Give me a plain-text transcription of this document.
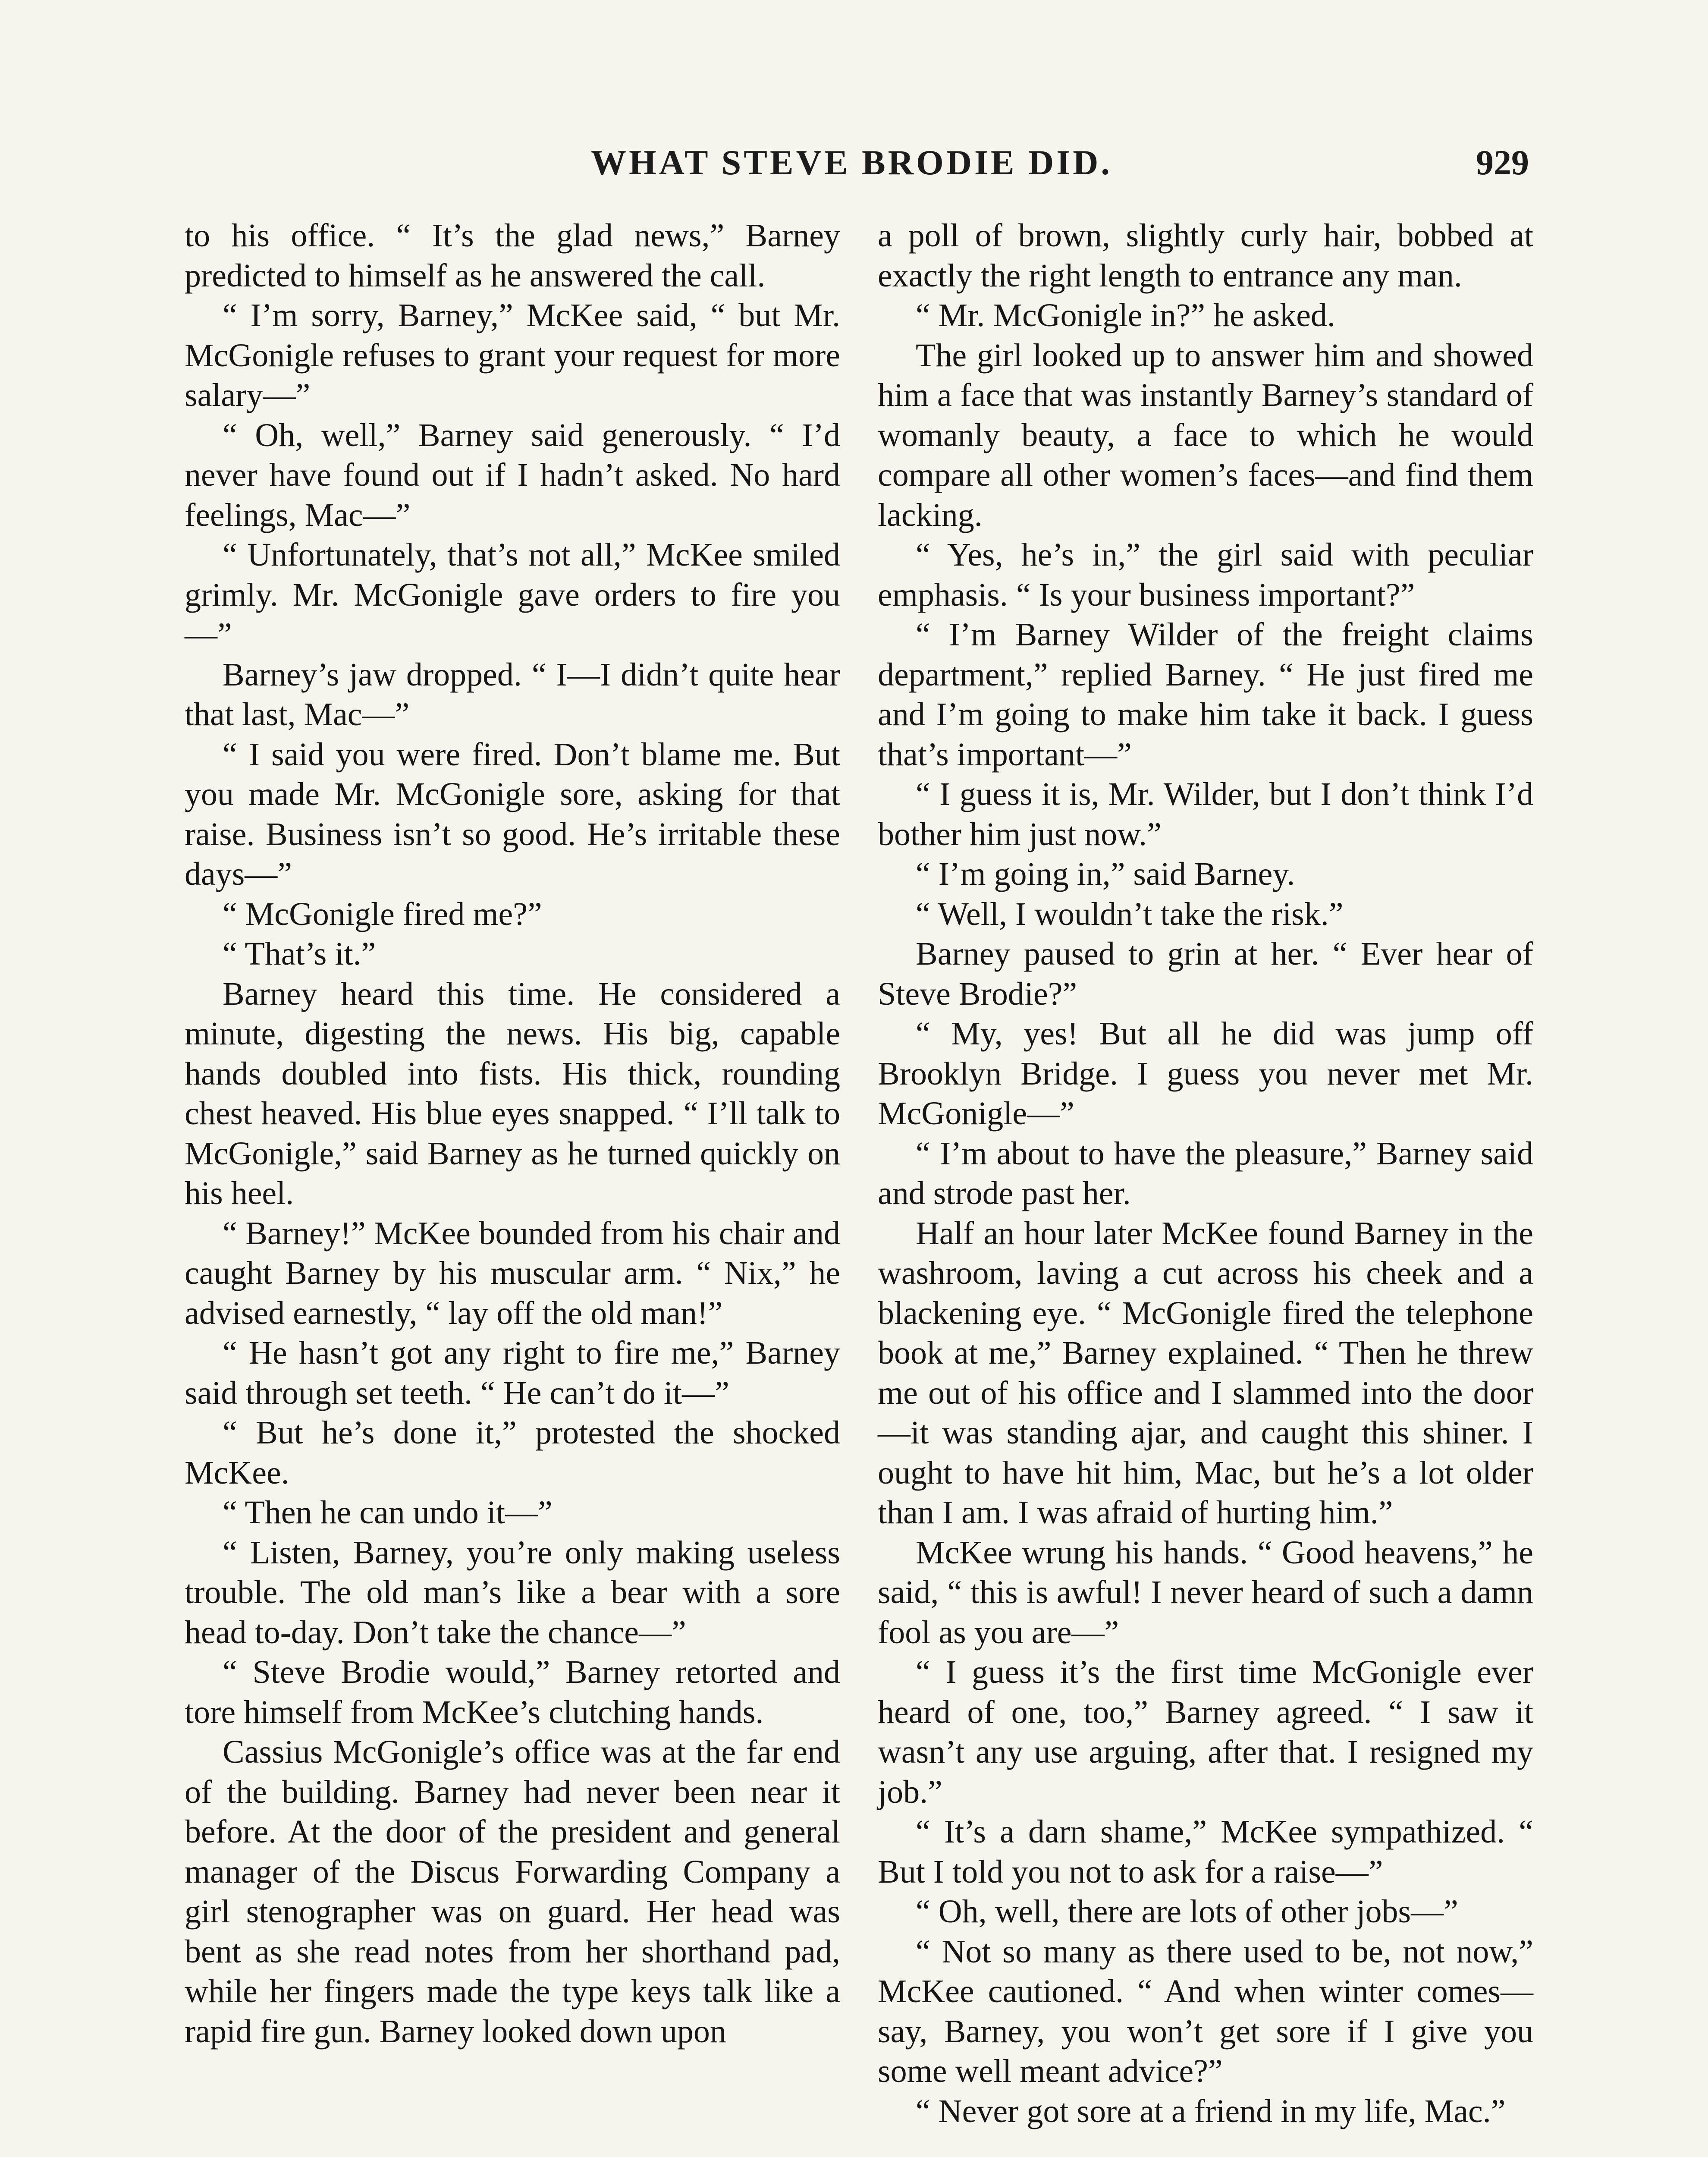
WHAT STEVE BRODIE DID.	929

to his office. “ It’s the glad news,” Barney predicted to himself as he answered the call.

“ I’m sorry, Barney,” McKee said, “ but Mr. McGonigle refuses to grant your request for more salary—”

“ Oh, well,” Barney said generously. “ I’d never have found out if I hadn’t asked. No hard feelings, Mac—”

“ Unfortunately, that’s not all,” McKee smiled grimly. Mr. McGonigle gave orders to fire you—”

Barney’s jaw dropped. “ I—I didn’t quite hear that last, Mac—”

“ I said you were fired. Don’t blame me. But you made Mr. McGonigle sore, asking for that raise. Business isn’t so good. He’s irritable these days—”

“ McGonigle fired me?”

“ That’s it.”

Barney heard this time. He considered a minute, digesting the news. His big, capable hands doubled into fists. His thick, rounding chest heaved. His blue eyes snapped. “ I’ll talk to McGonigle,” said Barney as he turned quickly on his heel.

“ Barney!” McKee bounded from his chair and caught Barney by his muscular arm. “ Nix,” he advised earnestly, “ lay off the old man!”

“ He hasn’t got any right to fire me,” Barney said through set teeth. “ He can’t do it—”

“ But he’s done it,” protested the shocked McKee.

“ Then he can undo it—”

“ Listen, Barney, you’re only making useless trouble. The old man’s like a bear with a sore head to-day. Don’t take the chance—”

“ Steve Brodie would,” Barney retorted and tore himself from McKee’s clutching hands.

Cassius McGonigle’s office was at the far end of the building. Barney had never been near it before. At the door of the president and general manager of the Discus Forwarding Company a girl stenographer was on guard. Her head was bent as she read notes from her shorthand pad, while her fingers made the type keys talk like a rapid fire gun. Barney looked down upon

a poll of brown, slightly curly hair, bobbed at exactly the right length to entrance any man.

“ Mr. McGonigle in?” he asked.

The girl looked up to answer him and showed him a face that was instantly Barney’s standard of womanly beauty, a face to which he would compare all other women’s faces—and find them lacking.

“ Yes, he’s in,” the girl said with peculiar emphasis. “ Is your business important?”

“ I’m Barney Wilder of the freight claims department,” replied Barney. “ He just fired me and I’m going to make him take it back. I guess that’s important—”

“ I guess it is, Mr. Wilder, but I don’t think I’d bother him just now.”

“ I’m going in,” said Barney.

“ Well, I wouldn’t take the risk.”

Barney paused to grin at her. “ Ever hear of Steve Brodie?”

“ My, yes! But all he did was jump off Brooklyn Bridge. I guess you never met Mr. McGonigle—”

“ I’m about to have the pleasure,” Barney said and strode past her.

Half an hour later McKee found Barney in the washroom, laving a cut across his cheek and a blackening eye. “ McGonigle fired the telephone book at me,” Barney explained. “ Then he threw me out of his office and I slammed into the door—it was standing ajar, and caught this shiner. I ought to have hit him, Mac, but he’s a lot older than I am. I was afraid of hurting him.”

McKee wrung his hands. “ Good heavens,” he said, “ this is awful! I never heard of such a damn fool as you are—”

“ I guess it’s the first time McGonigle ever heard of one, too,” Barney agreed. “ I saw it wasn’t any use arguing, after that. I resigned my job.”

“ It’s a darn shame,” McKee sympathized. “ But I told you not to ask for a raise—”

“ Oh, well, there are lots of other jobs—”

“ Not so many as there used to be, not now,” McKee cautioned. “ And when winter comes—say, Barney, you won’t get sore if I give you some well meant advice?”

“ Never got sore at a friend in my life, Mac.”
